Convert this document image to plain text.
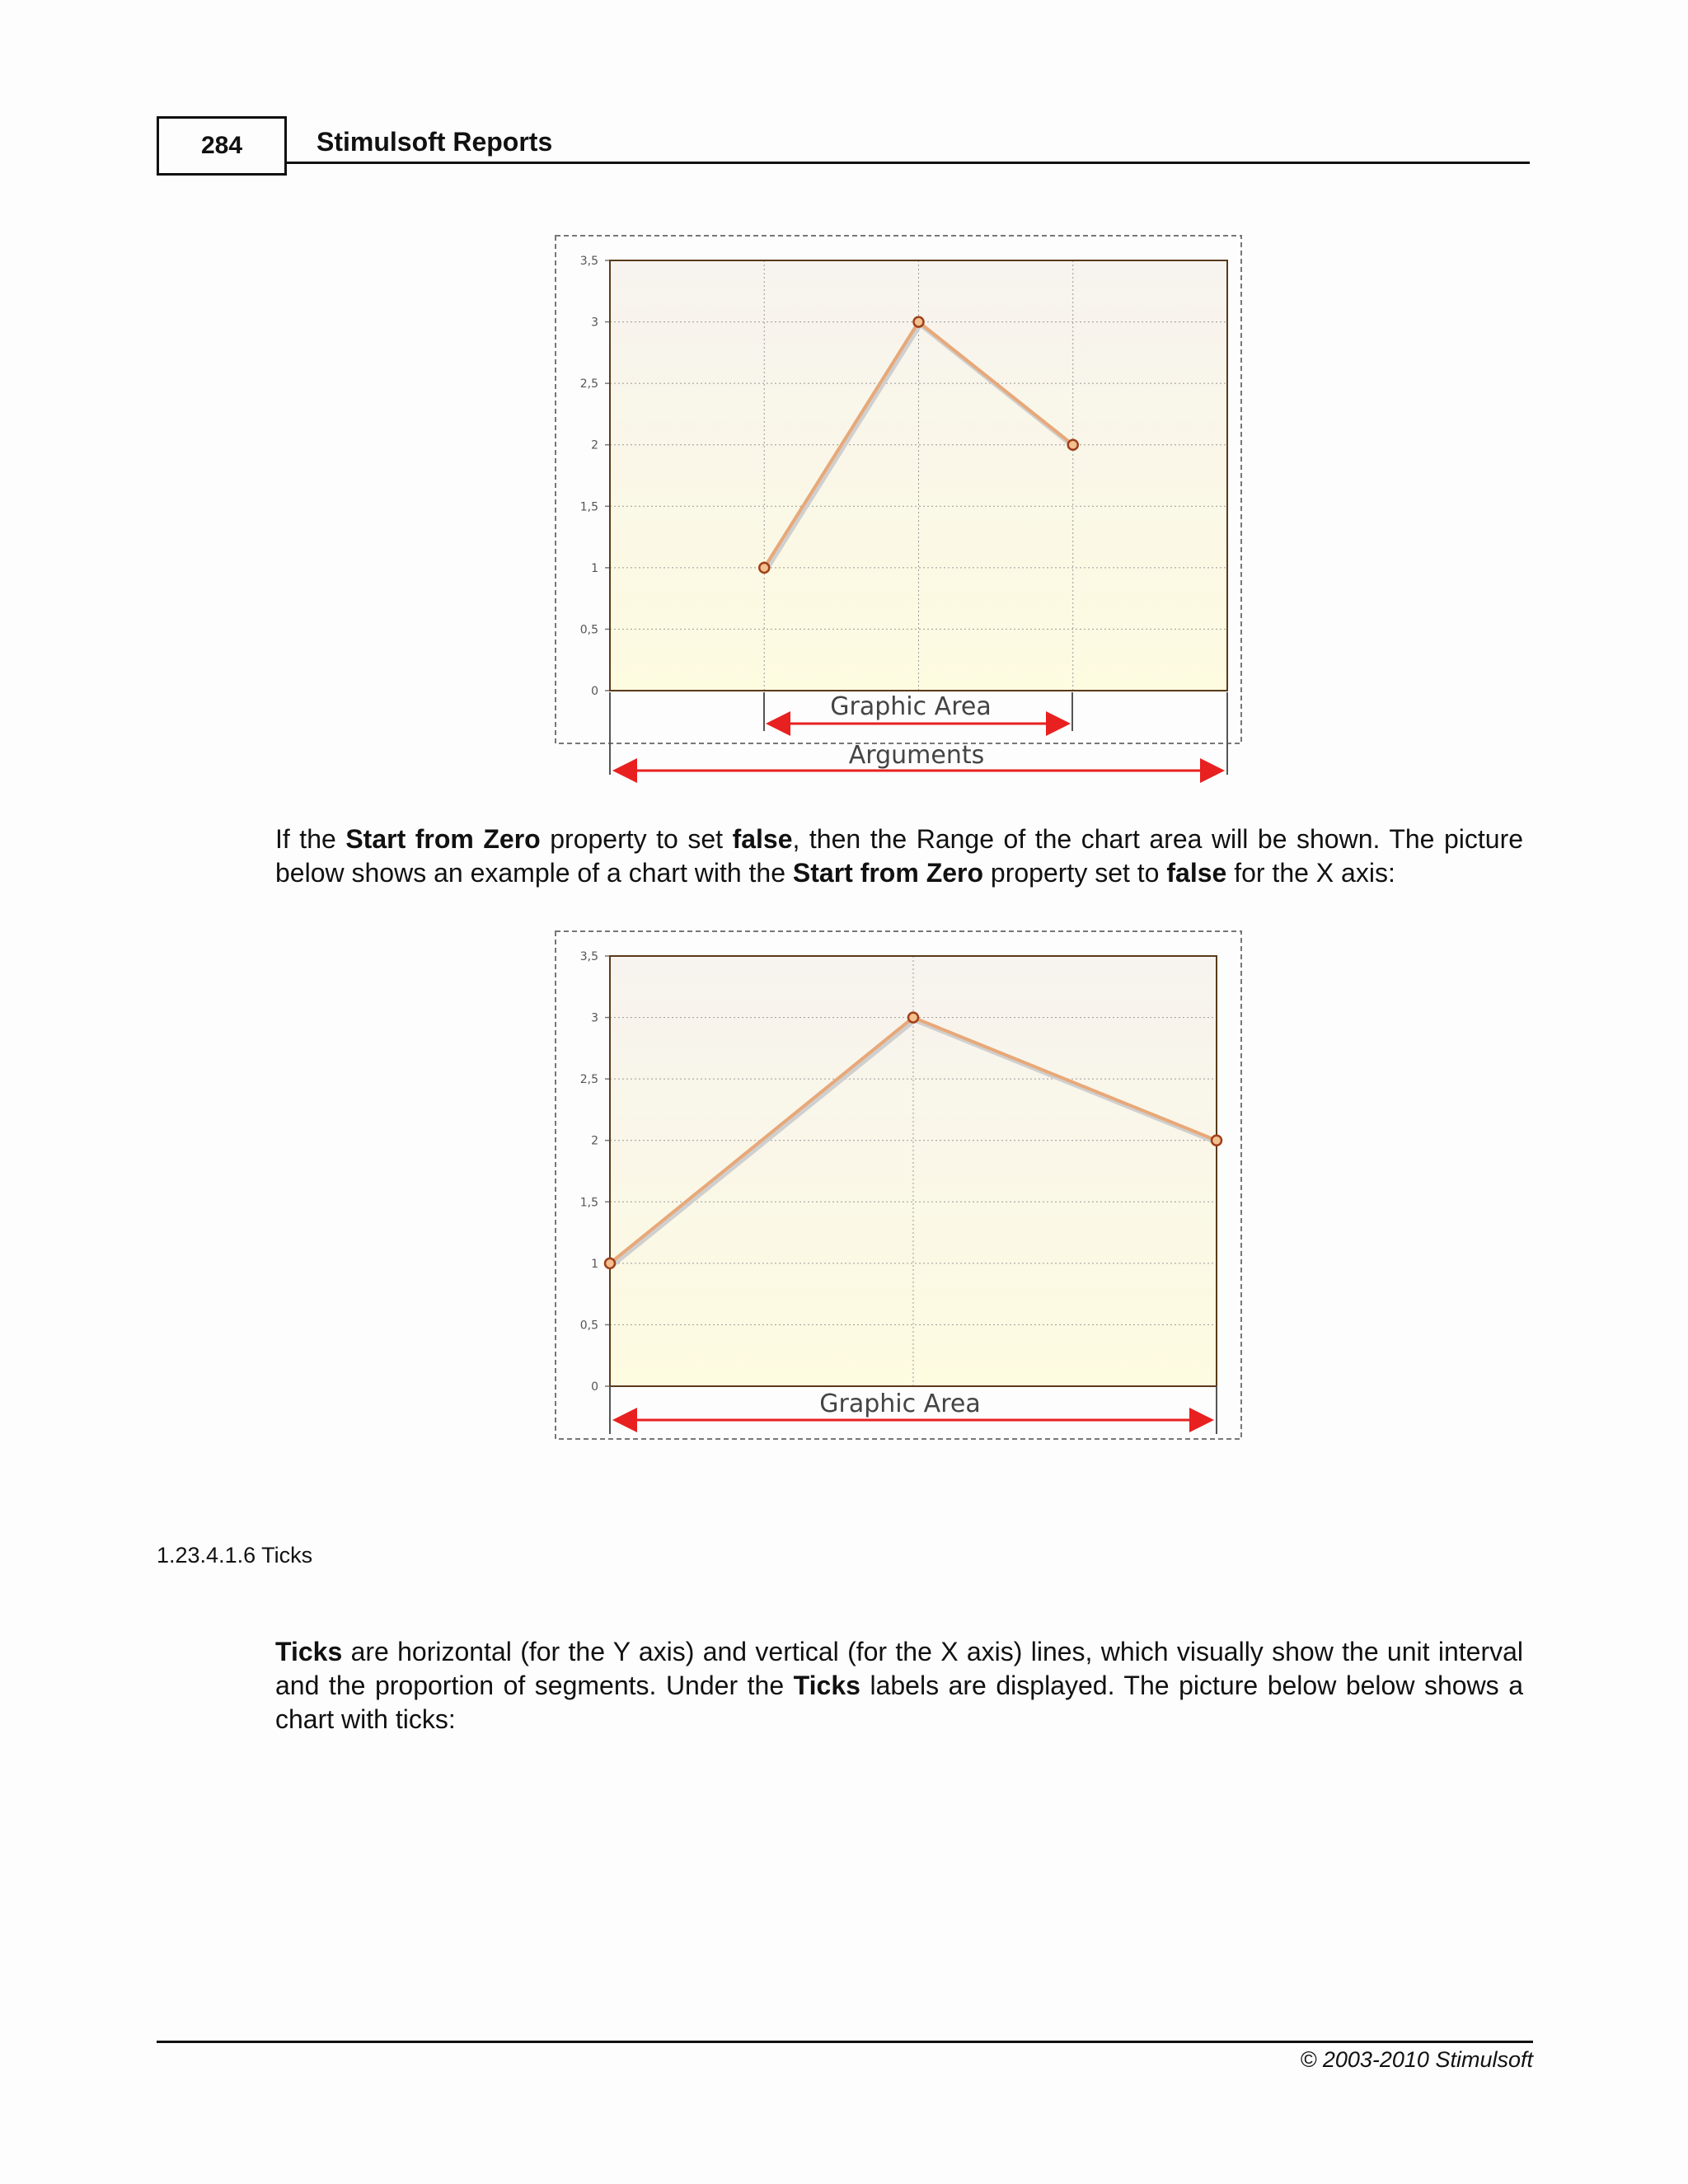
284	Stimulsoft Reports
0
0,5
1
1,5
2
2,5
3
3,5
Graphic Area
Arguments
If the Start from Zero property to set false, then the Range of the chart area will be shown. The picture below shows an example of a chart with the Start from Zero property set to false for the X axis:
0
0,5
1
1,5
2
2,5
3
3,5
Graphic Area
1.23.4.1.6 Ticks
Ticks are horizontal (for the Y axis) and vertical (for the X axis) lines, which visually show the unit interval and the proportion of segments. Under the Ticks labels are displayed. The picture below below shows a chart with ticks:
© 2003-2010 Stimulsoft
